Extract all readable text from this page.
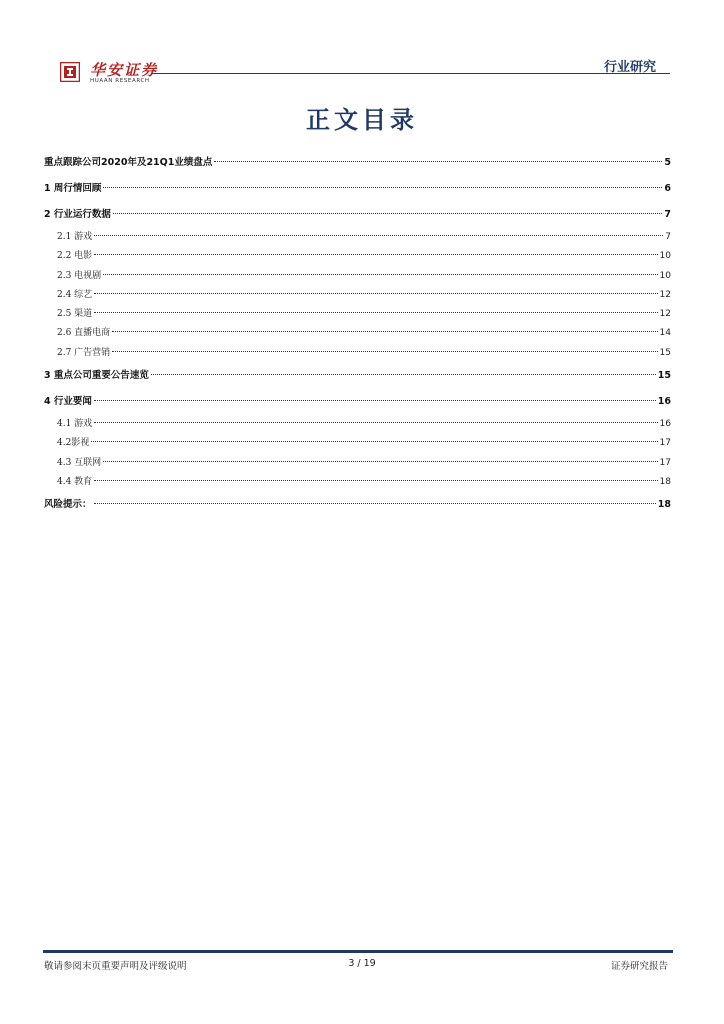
华安证券
HUAAN RESEARCH
行业研究
正文目录
重点跟踪公司2020年及21Q1业绩盘点	5
1 周行情回顾	6
2 行业运行数据	7
2.1 游戏	7
2.2 电影	10
2.3 电视剧	10
2.4 综艺	12
2.5 渠道	12
2.6 直播电商	14
2.7 广告营销	15
3 重点公司重要公告速览	15
4 行业要闻	16
4.1 游戏	16
4.2影视	17
4.3 互联网	17
4.4 教育	18
风险提示：	18
敬请参阅末页重要声明及评级说明	3 / 19	证券研究报告
